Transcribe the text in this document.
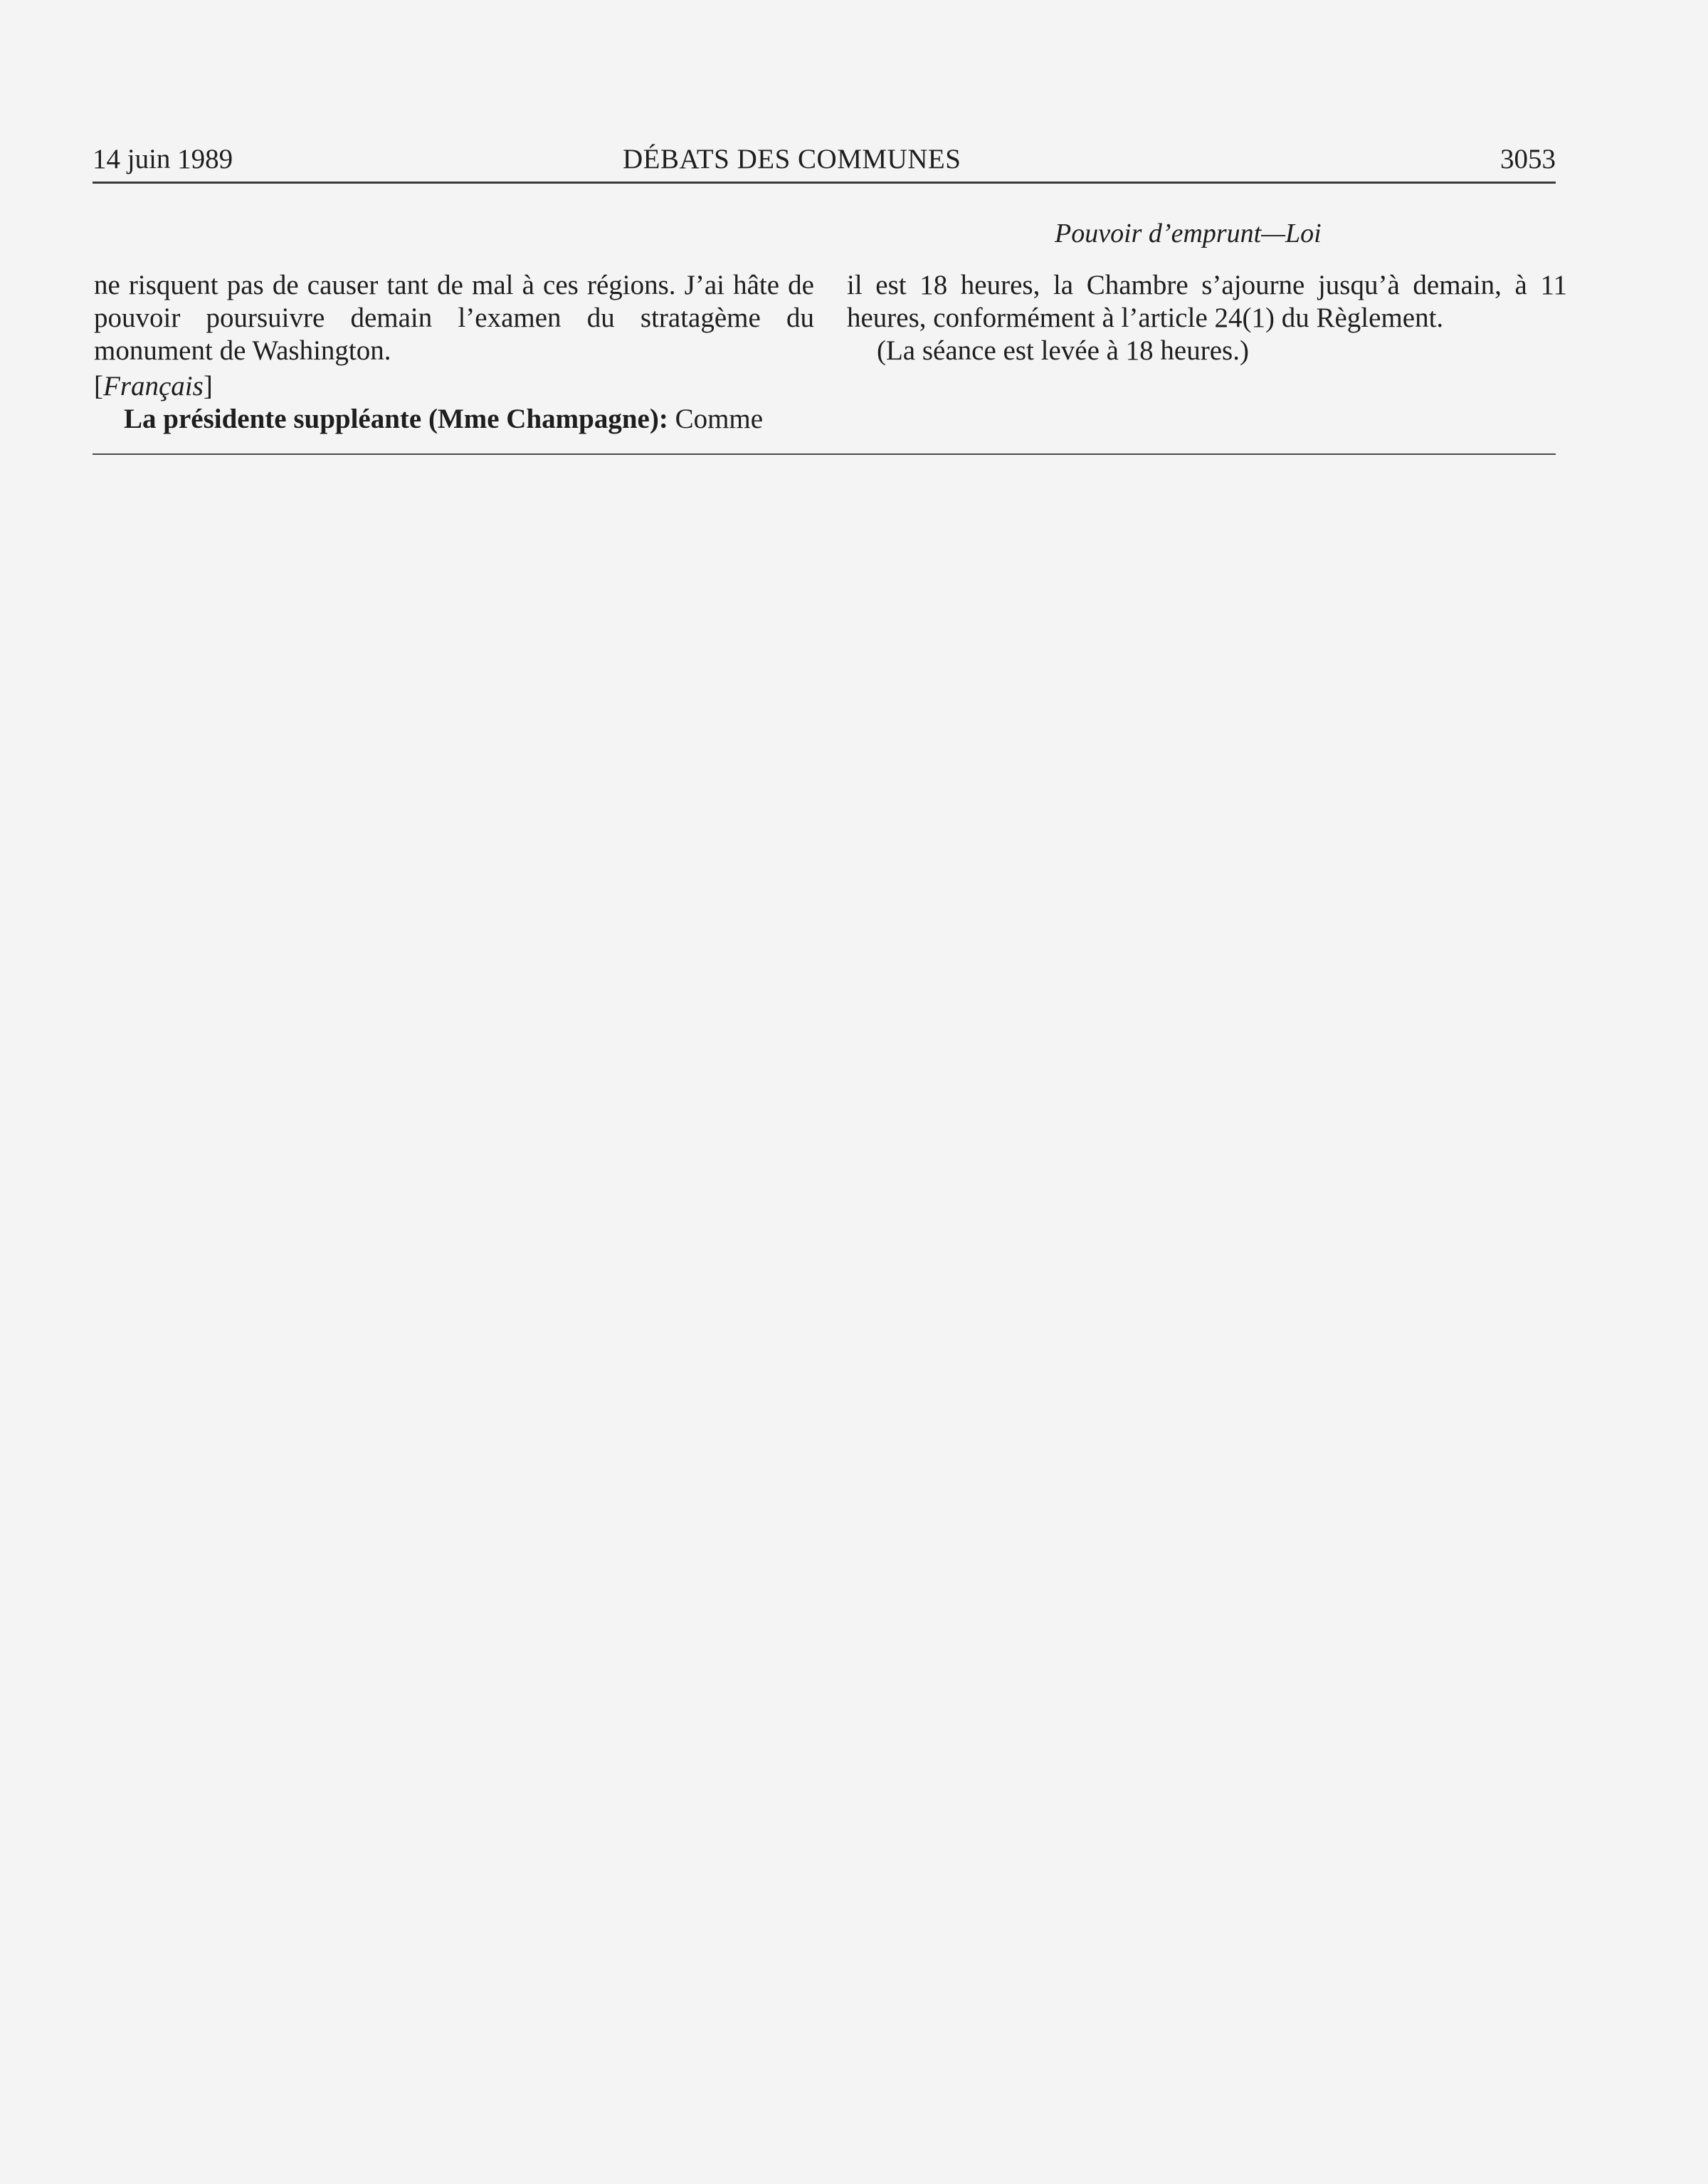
14 juin 1989	DÉBATS DES COMMUNES	3053
Pouvoir d’emprunt—Loi

ne risquent pas de causer tant de mal à ces régions. J’ai hâte de pouvoir poursuivre demain l’examen du stratagème du monument de Washington.

[Français]

La présidente suppléante (Mme Champagne): Comme

il est 18 heures, la Chambre s’ajourne jusqu’à demain, à 11 heures, conformément à l’article 24(1) du Règlement.

(La séance est levée à 18 heures.)
